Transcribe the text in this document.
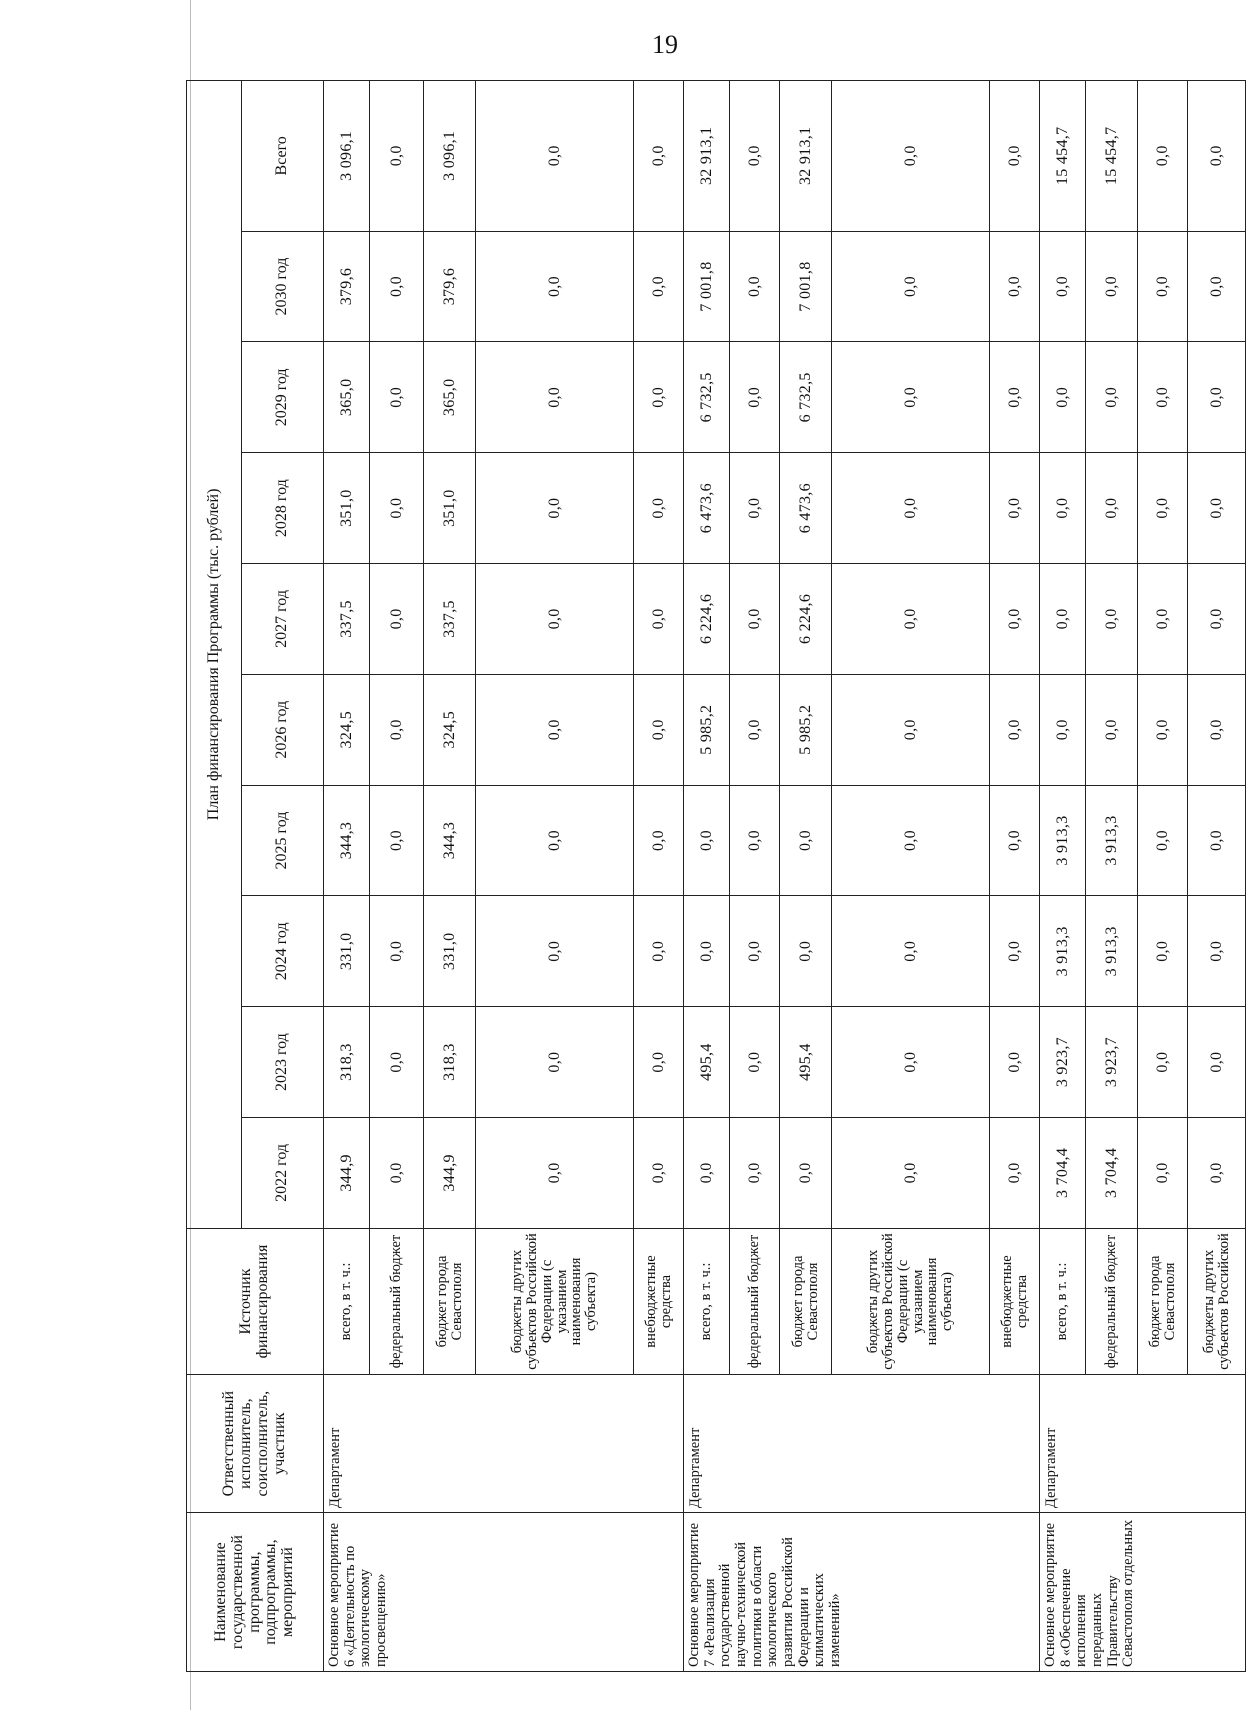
19
Наименование государственной программы, подпрограммы, мероприятий	Ответственный исполнитель, соисполнитель, участник	Источник финансирования	План финансирования Программы (тыс. рублей)									
			2022 год	2023 год	2024 год	2025 год	2026 год	2027 год	2028 год	2029 год	2030 год	Всего
Основное мероприятие 6 «Деятельность по экологическому просвещению»	Департамент	всего, в т. ч.:	344,9	318,3	331,0	344,3	324,5	337,5	351,0	365,0	379,6	3 096,1
		федеральный бюджет	0,0	0,0	0,0	0,0	0,0	0,0	0,0	0,0	0,0	0,0
		бюджет города Севастополя	344,9	318,3	331,0	344,3	324,5	337,5	351,0	365,0	379,6	3 096,1
		бюджеты других субъектов Российской Федерации (с указанием наименования субъекта)	0,0	0,0	0,0	0,0	0,0	0,0	0,0	0,0	0,0	0,0
		внебюджетные средства	0,0	0,0	0,0	0,0	0,0	0,0	0,0	0,0	0,0	0,0
Основное мероприятие 7 «Реализация государственной научно-технической политики в области экологического развития Российской Федерации и климатических изменений»	Департамент	всего, в т. ч.:	0,0	495,4	0,0	0,0	5 985,2	6 224,6	6 473,6	6 732,5	7 001,8	32 913,1
		федеральный бюджет	0,0	0,0	0,0	0,0	0,0	0,0	0,0	0,0	0,0	0,0
		бюджет города Севастополя	0,0	495,4	0,0	0,0	5 985,2	6 224,6	6 473,6	6 732,5	7 001,8	32 913,1
		бюджеты других субъектов Российской Федерации (с указанием наименования субъекта)	0,0	0,0	0,0	0,0	0,0	0,0	0,0	0,0	0,0	0,0
		внебюджетные средства	0,0	0,0	0,0	0,0	0,0	0,0	0,0	0,0	0,0	0,0
Основное мероприятие 8 «Обеспечение исполнения переданных Правительству Севастополя отдельных	Департамент	всего, в т. ч.:	3 704,4	3 923,7	3 913,3	3 913,3	0,0	0,0	0,0	0,0	0,0	15 454,7
		федеральный бюджет	3 704,4	3 923,7	3 913,3	3 913,3	0,0	0,0	0,0	0,0	0,0	15 454,7
		бюджет города Севастополя	0,0	0,0	0,0	0,0	0,0	0,0	0,0	0,0	0,0	0,0
		бюджеты других субъектов Российской	0,0	0,0	0,0	0,0	0,0	0,0	0,0	0,0	0,0	0,0
